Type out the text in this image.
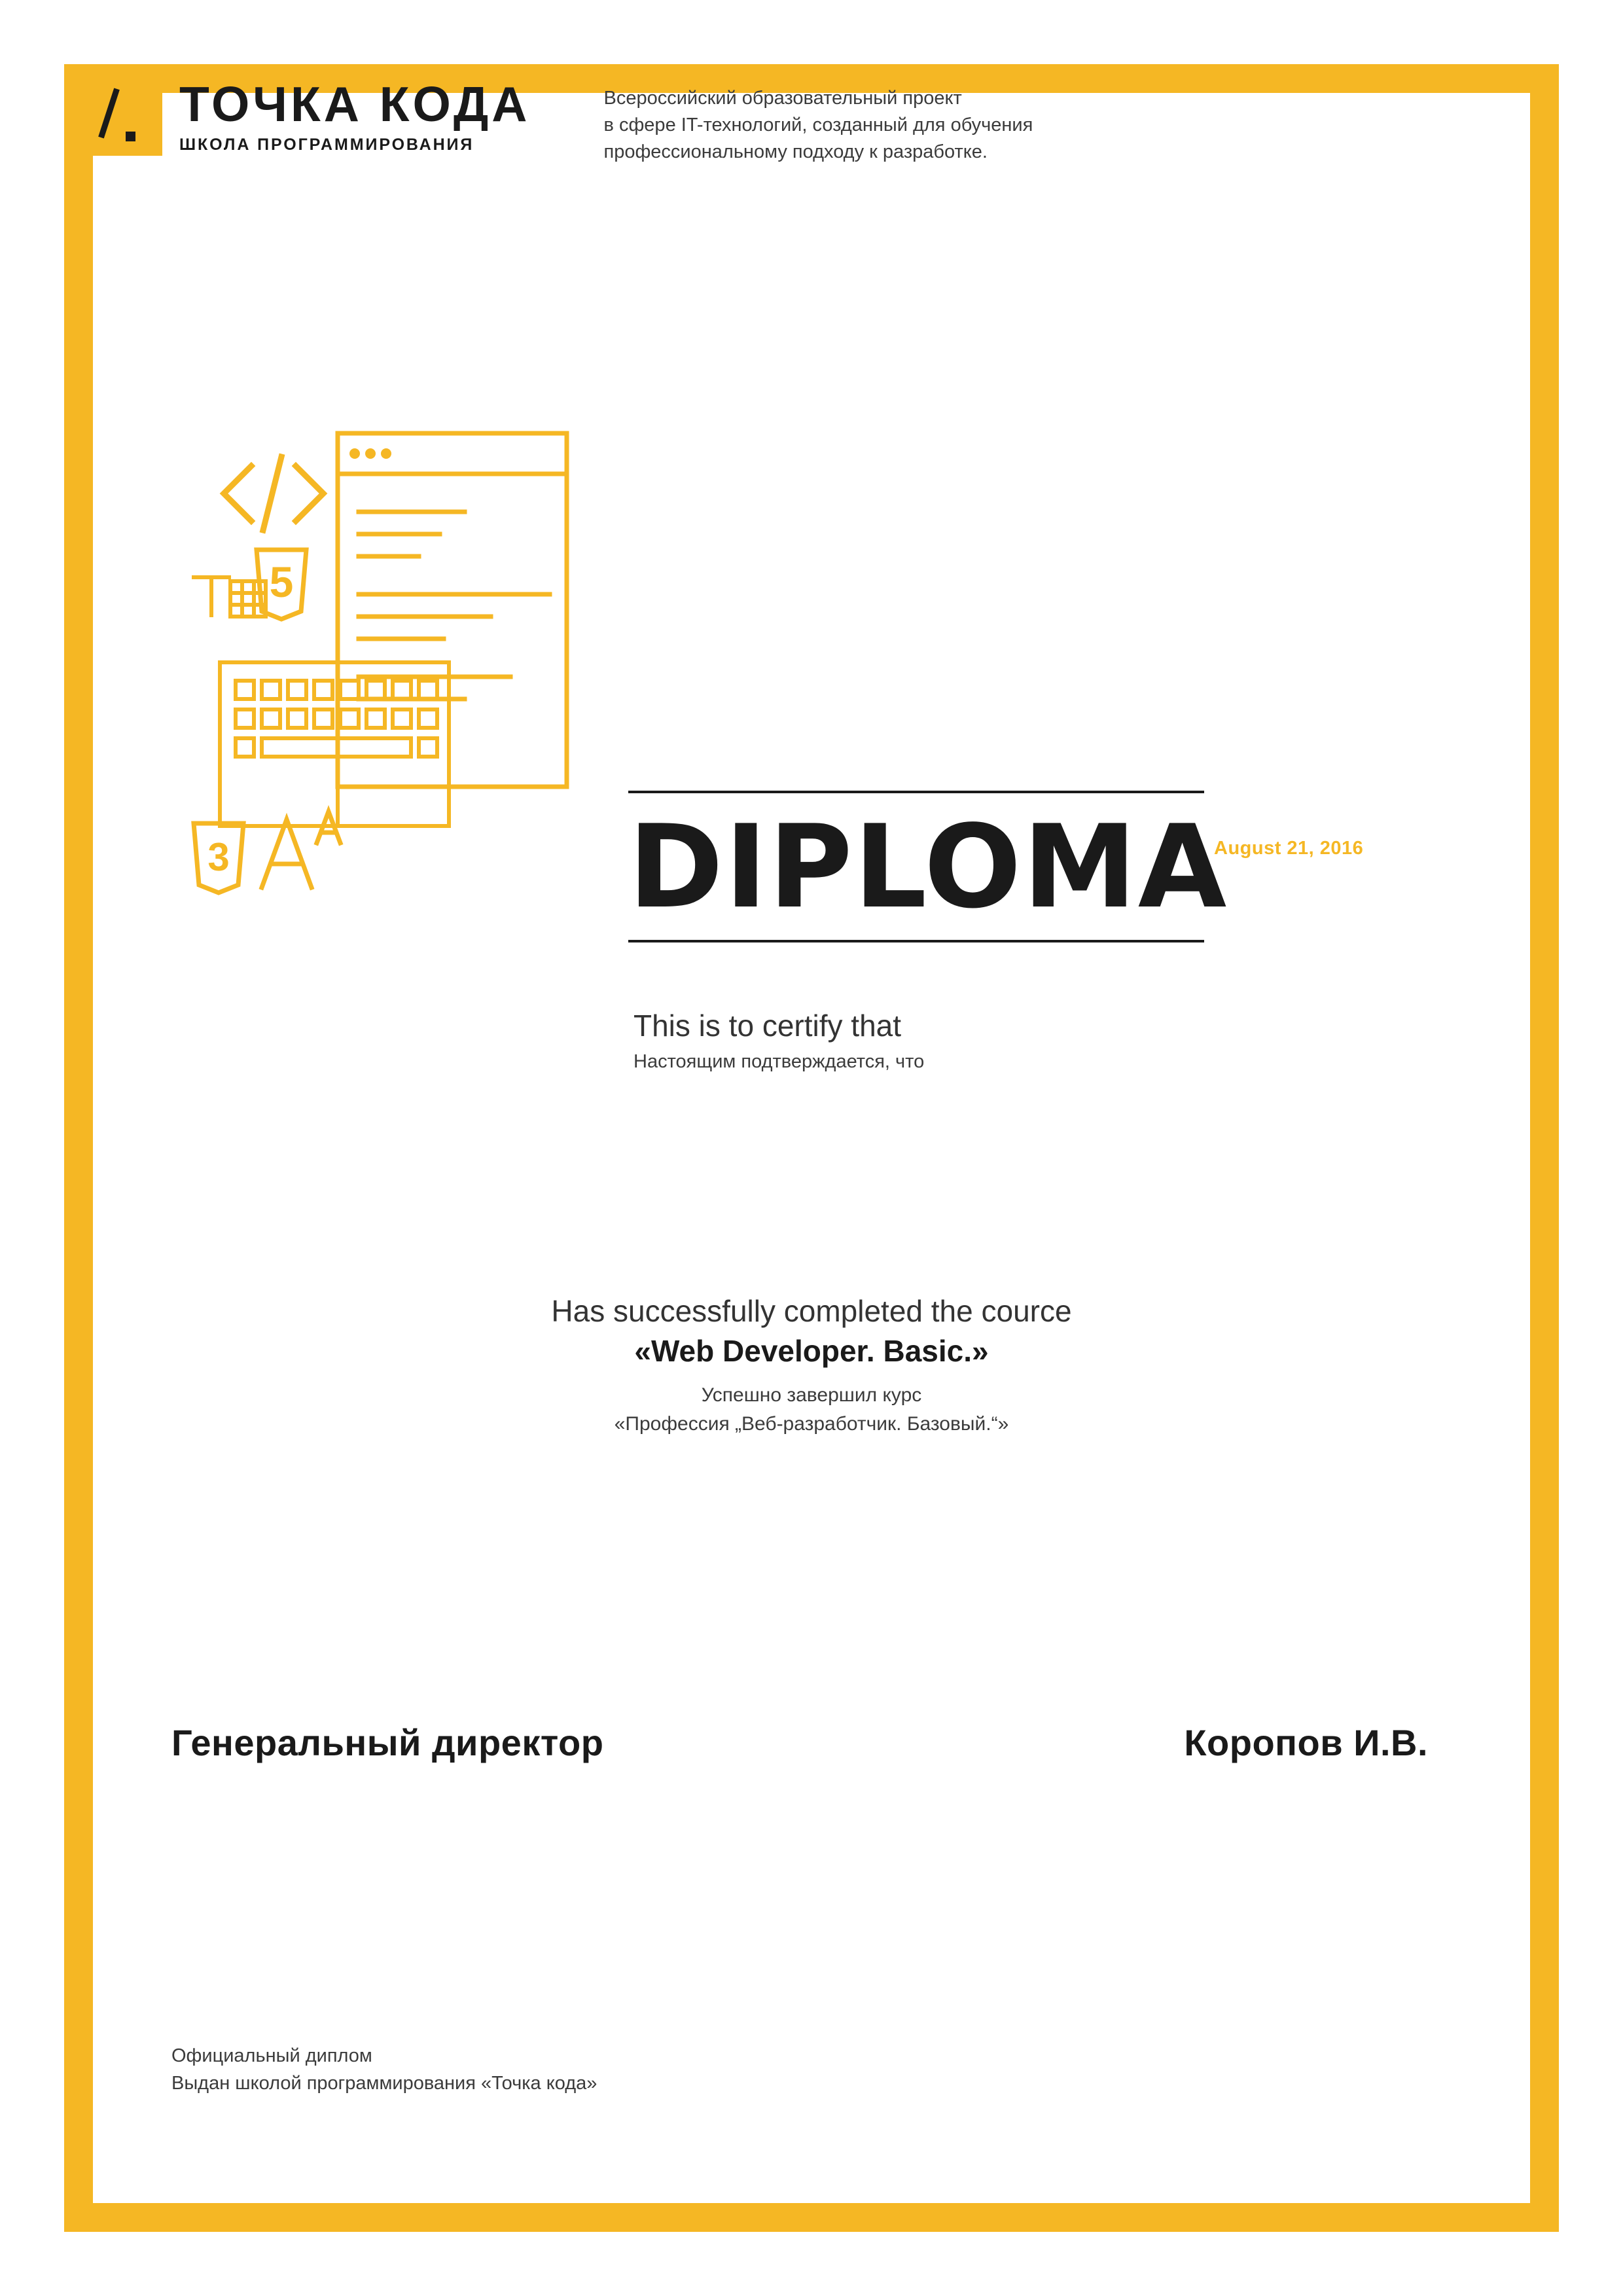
ТОЧКА КОДА
ШКОЛА ПРОГРАММИРОВАНИЯ
Всероссийский образовательный проект
в сфере IT-технологий, созданный для обучения
профессиональному подходу к разработке.
5
3	DIPLOMA
August 21, 2016
This is to certify that
Настоящим подтверждается, что
Has successfully completed the cource
«Web Developer. Basic.»
Успешно завершил курс
«Профессия „Веб-разработчик. Базовый.“»
Генеральный директор	Коропов И.В.
Официальный диплом
Выдан школой программирования «Точка кода»
